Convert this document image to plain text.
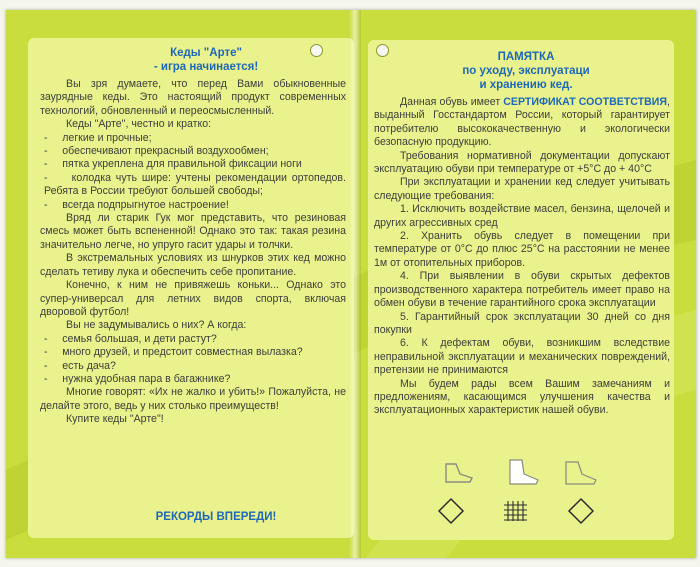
Кеды "Арте"
- игра начинается!

Вы зря думаете, что перед Вами обыкновенные заурядные кеды. Это настоящий продукт современных технологий, обновленный и переосмысленный.

Кеды "Арте", честно и кратко:

-     легкие и прочные;

-     обеспечивают прекрасный воздухообмен;

-     пятка укреплена для правильной фиксации ноги

-     колодка чуть шире: учтены рекомендации ортопедов. Ребята в России требуют большей свободы;

-     всегда подпрыгнутое настроение!

Вряд ли старик Гук мог представить, что резиновая смесь может быть вспененной! Однако это так: такая резина значительно легче, но упруго гасит удары и толчки.

В экстремальных условиях из шнурков этих кед можно сделать тетиву лука и обеспечить себе пропитание.

Конечно, к ним не привяжешь коньки... Однако это супер-универсал для летних видов спорта, включая дворовой футбол!

Вы не задумывались о них? А когда:

-     семья большая, и дети растут?

-     много друзей, и предстоит совместная вылазка?

-     есть дача?

-     нужна удобная пара в багажнике?

Многие говорят: «Их не жалко и убить!» Пожалуйста, не делайте этого, ведь у них столько преимуществ!

Купите кеды "Арте"!

РЕКОРДЫ ВПЕРЕДИ!
ПАМЯТКА
по уходу, эксплуатаци
и хранению кед.

Данная обувь имеет СЕРТИФИКАТ СООТВЕТСТВИЯ, выданный Госстандартом России, который гарантирует потребителю высококачественную и экологически безопасную продукцию.

Требования нормативной документации допускают эксплуатацию обуви при температуре от +5°С до + 40°С

При эксплуатации и хранении кед следует учитывать следующие требования:

1. Исключить воздействие масел, бензина, щелочей и других агрессивных сред

2. Хранить обувь следует в помещении при температуре от 0°С до плюс 25°С на расстоянии не менее 1м от отопительных приборов.

4. При выявлении в обуви скрытых дефектов производственного характера потребитель имеет право на обмен обуви в течение гарантийного срока эксплуатации

5. Гарантийный срок эксплуатации 30 дней со дня покупки

6. К дефектам обуви, возникшим вследствие неправильной эксплуатации и механических повреждений, претензии не принимаются

Мы будем рады всем Вашим замечаниям и предложениям, касающимся улучшения качества и эксплуатационных характеристик нашей обуви.
